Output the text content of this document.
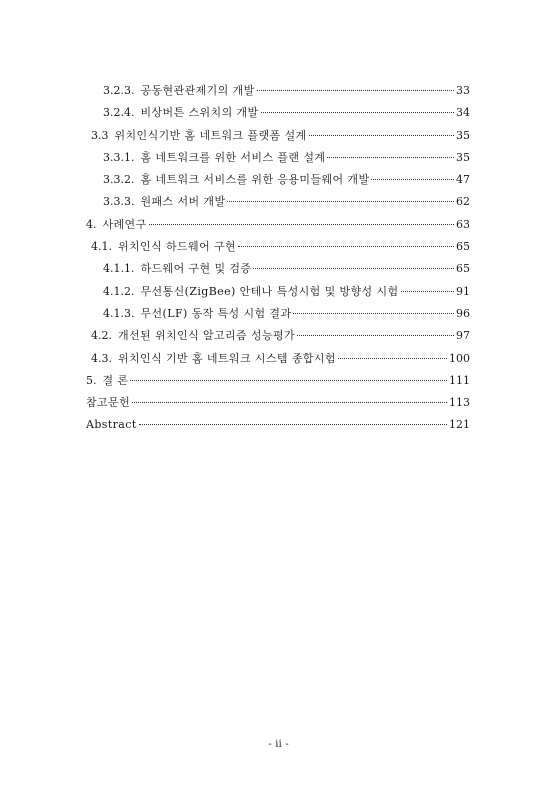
3.2.3. 공동현관관제기의 개발	33
3.2.4. 비상버튼 스위치의 개발	34
3.3 위치인식기반 홈 네트워크 플랫폼 설계	35
3.3.1. 홈 네트워크를 위한 서비스 플랜 설계	35
3.3.2. 홈 네트워크 서비스를 위한 응용미들웨어 개발	47
3.3.3. 원패스 서버 개발	62
4. 사례연구	63
4.1. 위치인식 하드웨어 구현	65
4.1.1. 하드웨어 구현 및 검증	65
4.1.2. 무선통신(ZigBee) 안테나 특성시험 및 방향성 시험	91
4.1.3. 무선(LF) 동작 특성 시험 결과	96
4.2. 개선된 위치인식 알고리즘 성능평가	97
4.3. 위치인식 기반 홈 네트워크 시스템 종합시험	100
5. 결 론	111
참고문헌	113
Abstract	121
- ii -
